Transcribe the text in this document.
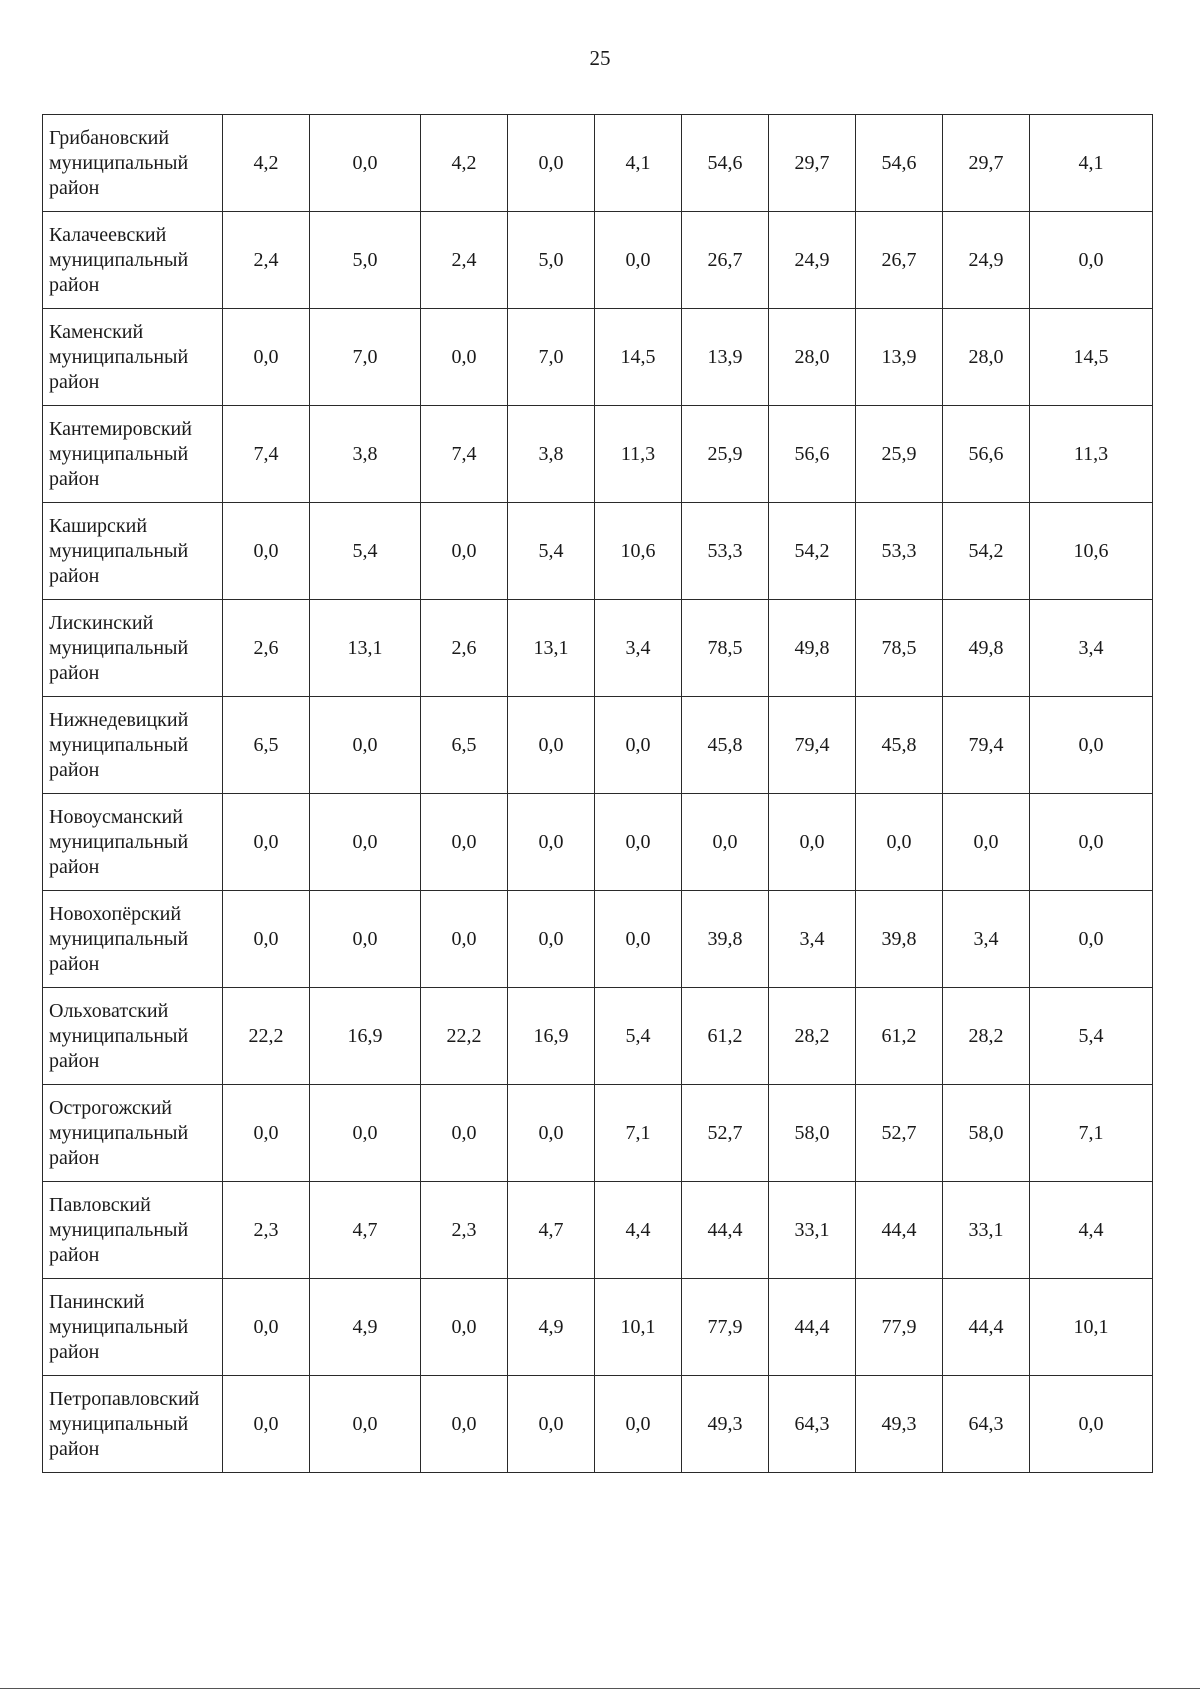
25
Грибановский
муниципальный
район	4,2	0,0	4,2	0,0	4,1	54,6	29,7	54,6	29,7	4,1

Калачеевский
муниципальный
район	2,4	5,0	2,4	5,0	0,0	26,7	24,9	26,7	24,9	0,0

Каменский
муниципальный
район	0,0	7,0	0,0	7,0	14,5	13,9	28,0	13,9	28,0	14,5

Кантемировский
муниципальный
район	7,4	3,8	7,4	3,8	11,3	25,9	56,6	25,9	56,6	11,3

Каширский
муниципальный
район	0,0	5,4	0,0	5,4	10,6	53,3	54,2	53,3	54,2	10,6

Лискинский
муниципальный
район	2,6	13,1	2,6	13,1	3,4	78,5	49,8	78,5	49,8	3,4

Нижнедевицкий
муниципальный
район	6,5	0,0	6,5	0,0	0,0	45,8	79,4	45,8	79,4	0,0

Новоусманский
муниципальный
район	0,0	0,0	0,0	0,0	0,0	0,0	0,0	0,0	0,0	0,0

Новохопёрский
муниципальный
район	0,0	0,0	0,0	0,0	0,0	39,8	3,4	39,8	3,4	0,0

Ольховатский
муниципальный
район	22,2	16,9	22,2	16,9	5,4	61,2	28,2	61,2	28,2	5,4

Острогожский
муниципальный
район	0,0	0,0	0,0	0,0	7,1	52,7	58,0	52,7	58,0	7,1

Павловский
муниципальный
район	2,3	4,7	2,3	4,7	4,4	44,4	33,1	44,4	33,1	4,4

Панинский
муниципальный
район	0,0	4,9	0,0	4,9	10,1	77,9	44,4	77,9	44,4	10,1

Петропавловский
муниципальный
район	0,0	0,0	0,0	0,0	0,0	49,3	64,3	49,3	64,3	0,0
